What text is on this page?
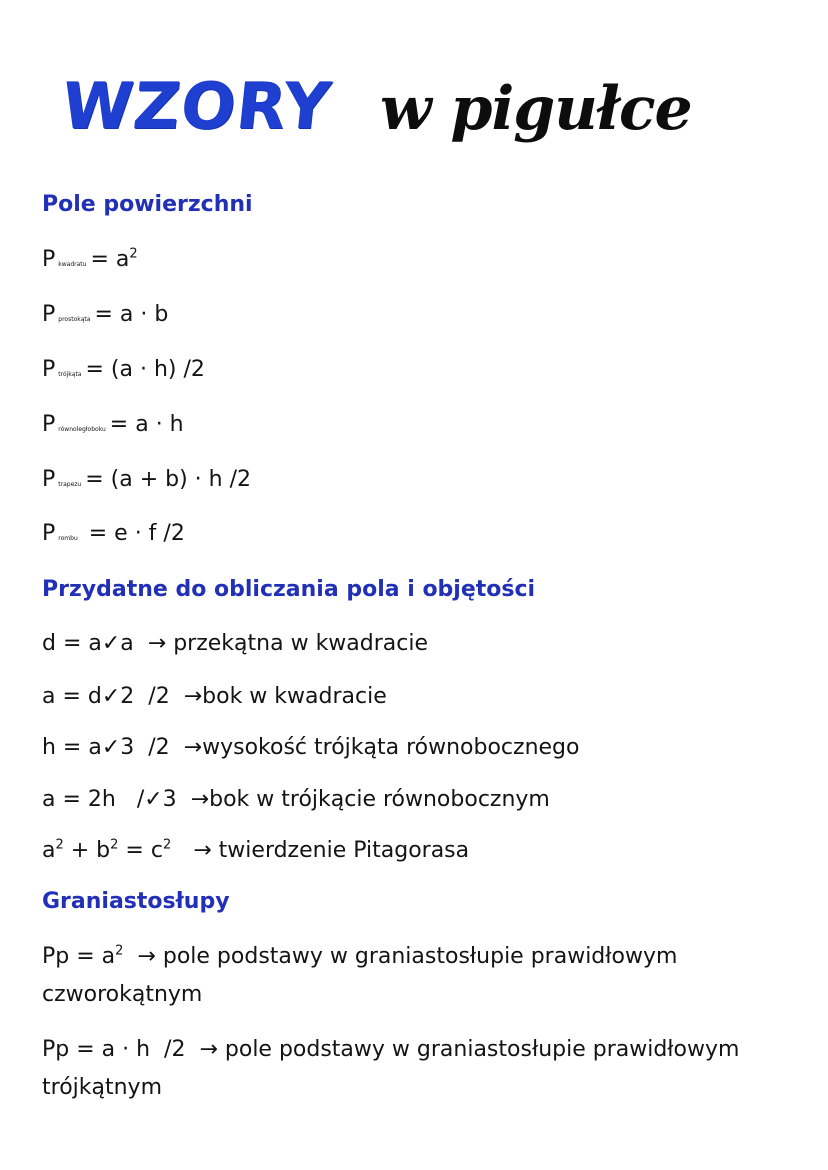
WZORY w pigułce
Pole powierzchni
Pkwadratu = $a^2$
Pprostokąta = a · b
Ptrójkąta = (a · h) /2
Prównoległoboku = a · h
Ptrapezu = (a + b) · h /2
Prombu = e · f /2
Przydatne do obliczania pola i objętości
d = a✓a → przekątna w kwadracie
a = d✓2  /2 →bok w kwadracie
h = a✓3  /2 →wysokość trójkąta równobocznego
a = 2h   /✓3 →bok w trójkącie równobocznym
$a^2 + b^2 = c^2$ → twierdzenie Pitagorasa
Graniastosłupy
$Pp = a^2$ → pole podstawy w graniastosłupie prawidłowym
czworokątnym
Pp = a · h  /2 → pole podstawy w graniastosłupie prawidłowym
trójkątnym
